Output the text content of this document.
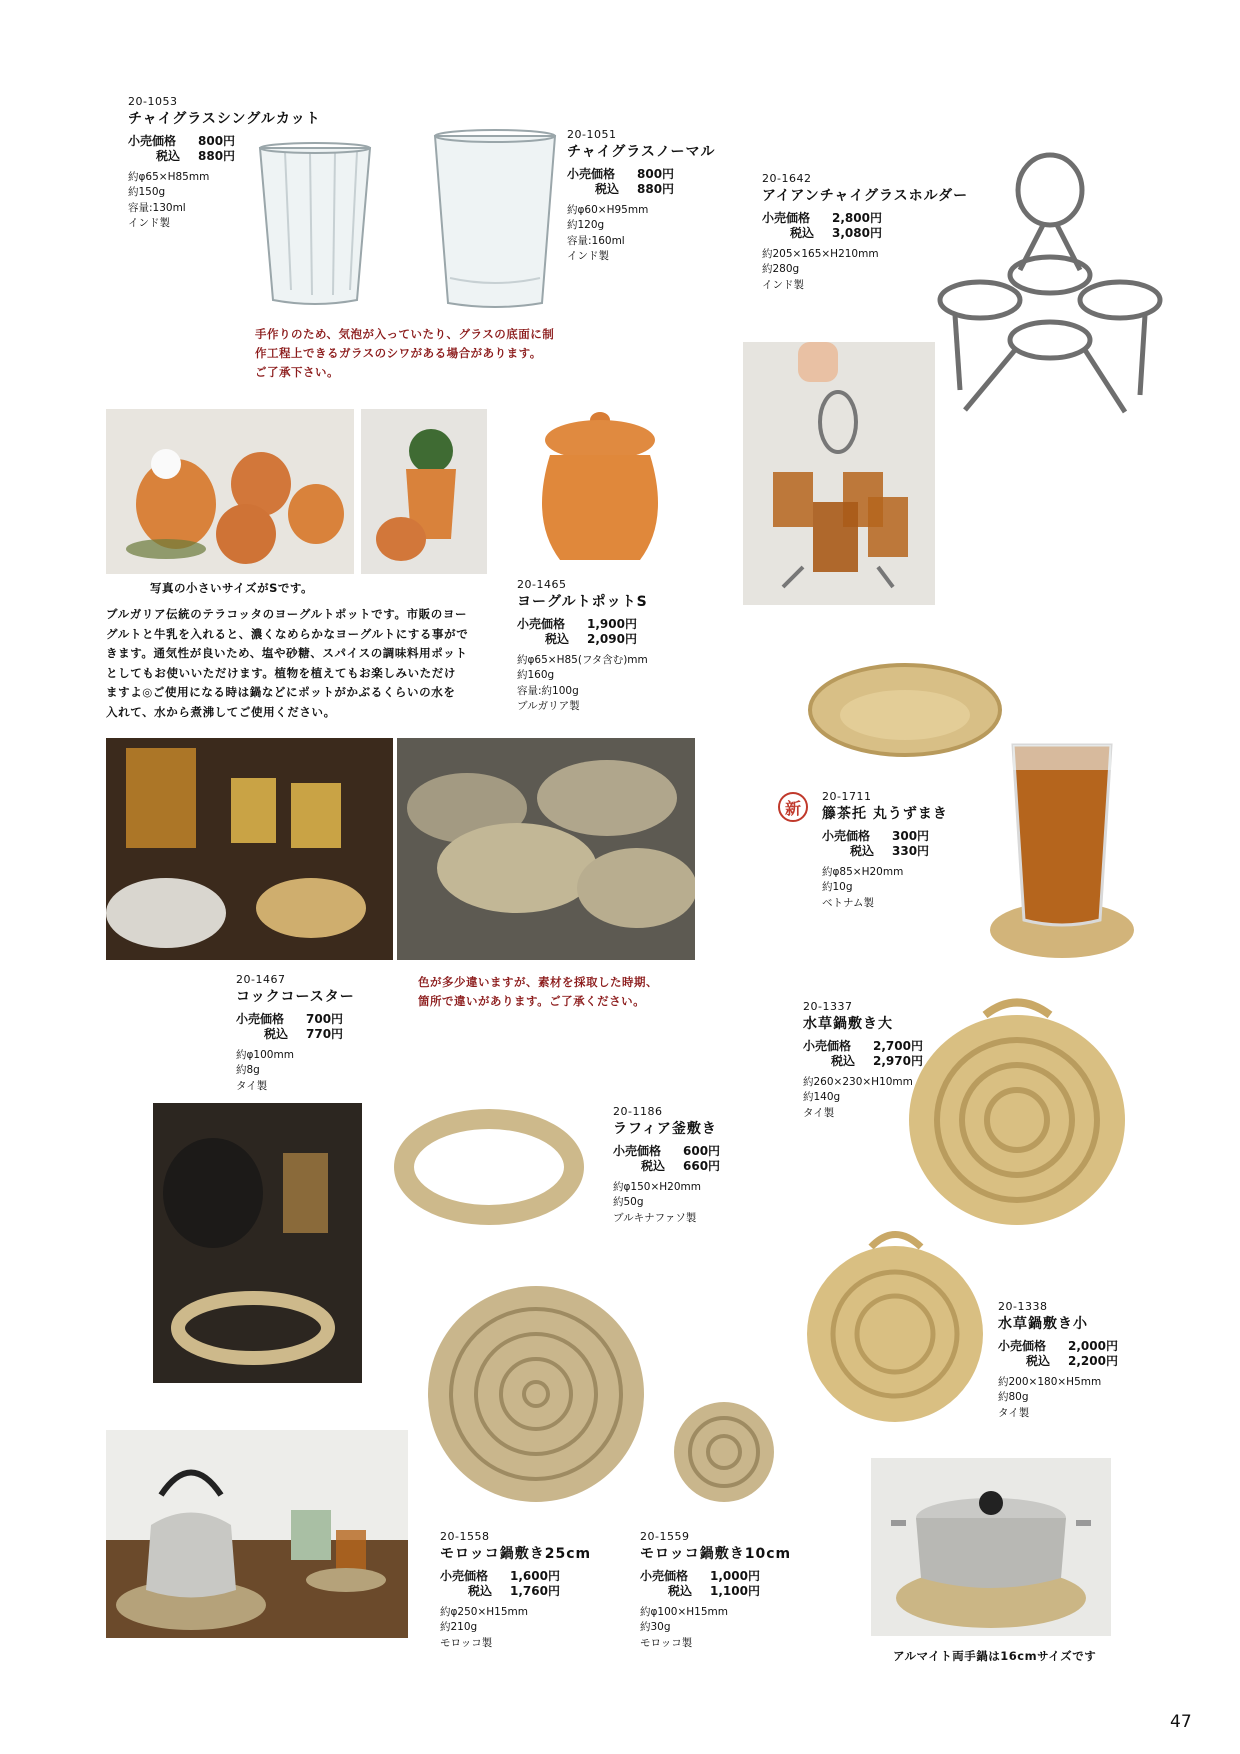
20-1053
チャイグラスシングルカット
小売価格 800円
税込 880円
約φ65×H85mm
約150g
容量:130ml
インド製
20-1051
チャイグラスノーマル
小売価格 800円
税込 880円
約φ60×H95mm
約120g
容量:160ml
インド製
20-1642
アイアンチャイグラスホルダー
小売価格 2,800円
税込 3,080円
約205×165×H210mm
約280g
インド製
手作りのため、気泡が入っていたり、グラスの底面に制
作工程上できるガラスのシワがある場合があります。
ご了承下さい。
写真の小さいサイズがSです。
ブルガリア伝統のテラコッタのヨーグルトポットです。市販のヨー
グルトと牛乳を入れると、濃くなめらかなヨーグルトにする事がで
きます。通気性が良いため、塩や砂糖、スパイスの調味料用ポット
としてもお使いいただけます。植物を植えてもお楽しみいただけ
ますよ◎ご使用になる時は鍋などにポットがかぶるくらいの水を
入れて、水から煮沸してご使用ください。
20-1465
ヨーグルトポットS
小売価格 1,900円
税込 2,090円
約φ65×H85(フタ含む)mm
約160g
容量:約100g
ブルガリア製
新
20-1711
籐茶托 丸うずまき
小売価格 300円
税込 330円
約φ85×H20mm
約10g
ベトナム製
20-1467
コックコースター
小売価格 700円
税込 770円
約φ100mm
約8g
タイ製
色が多少違いますが、素材を採取した時期、
箇所で違いがあります。ご了承ください。	20-1337
水草鍋敷き大
小売価格 2,700円
税込 2,970円
約260×230×H10mm
約140g
タイ製
20-1186
ラフィア釜敷き
小売価格 600円
税込 660円
約φ150×H20mm
約50g
ブルキナファソ製
20-1338
水草鍋敷き小
小売価格 2,000円
税込 2,200円
約200×180×H5mm
約80g
タイ製
20-1558
モロッコ鍋敷き25cm
小売価格 1,600円
税込 1,760円
約φ250×H15mm
約210g
モロッコ製
20-1559
モロッコ鍋敷き10cm
小売価格 1,000円
税込 1,100円
約φ100×H15mm
約30g
モロッコ製
アルマイト両手鍋は16cmサイズです
47
